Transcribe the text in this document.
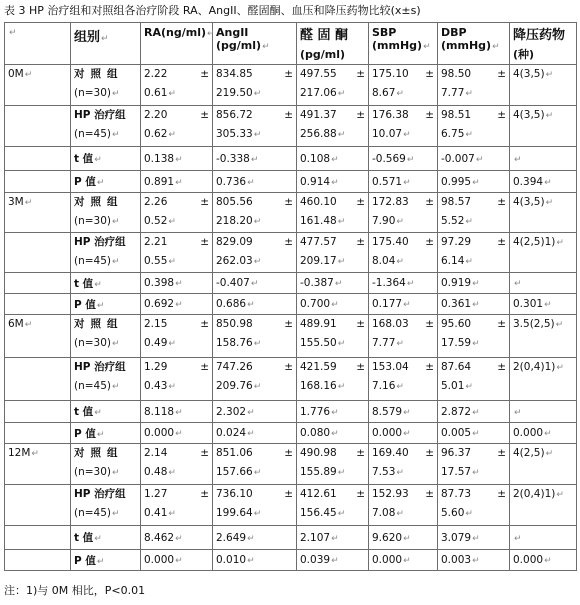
表 3 HP 治疗组和对照组各治疗阶段 RA、AngII、醛固酮、血压和降压药物比较(x±s)
↵	组别↵	RA(ng/ml)↵	AngII (pg/ml)↵	醛 固 酮
(pg/ml)	SBP (mmHg)↵	DBP (mmHg)↵	降压药物
(种)

0M↵	对照组
(n=30)↵	2.22 ±
0.61↵	834.85 ±
219.50↵	497.55 ±
217.06↵	175.10 ±
8.67↵	98.50 ±
7.77↵	4(3,5)↵

	HP 治疗组
(n=45)↵	2.20 ±
0.62↵	856.72 ±
305.33↵	491.37 ±
256.88↵	176.38 ±
10.07↵	98.51 ±
6.75↵	4(3,5)↵

	t 值↵	0.138↵	-0.338↵	0.108↵	-0.569↵	-0.007↵	↵
	P 值↵	0.891↵	0.736↵	0.914↵	0.571↵	0.995↵	0.394↵

3M↵	对照组
(n=30)↵	2.26 ±
0.52↵	805.56 ±
218.20↵	460.10 ±
161.48↵	172.83 ±
7.90↵	98.57 ±
5.52↵	4(3,5)↵

	HP 治疗组
(n=45)↵	2.21 ±
0.55↵	829.09 ±
262.03↵	477.57 ±
209.17↵	175.40 ±
8.04↵	97.29 ±
6.14↵	4(2,5)1)↵

	t 值↵	0.398↵	-0.407↵	-0.387↵	-1.364↵	0.919↵	↵
	P 值↵	0.692↵	0.686↵	0.700↵	0.177↵	0.361↵	0.301↵

6M↵	对照组
(n=30)↵	2.15 ±
0.49↵	850.98 ±
158.76↵	489.91 ±
155.50↵	168.03 ±
7.77↵	95.60 ±
17.59↵	3.5(2,5)↵

	HP 治疗组
(n=45)↵	1.29 ±
0.43↵	747.26 ±
209.76↵	421.59 ±
168.16↵	153.04 ±
7.16↵	87.64 ±
5.01↵	2(0,4)1)↵

	t 值↵	8.118↵	2.302↵	1.776↵	8.579↵	2.872↵	↵
	P 值↵	0.000↵	0.024↵	0.080↵	0.000↵	0.005↵	0.000↵

12M↵	对照组
(n=30)↵	2.14 ±
0.48↵	851.06 ±
157.66↵	490.98 ±
155.89↵	169.40 ±
7.53↵	96.37 ±
17.57↵	4(2,5)↵

	HP 治疗组
(n=45)↵	1.27 ±
0.41↵	736.10 ±
199.64↵	412.61 ±
156.45↵	152.93 ±
7.08↵	87.73 ±
5.60↵	2(0,4)1)↵

	t 值↵	8.462↵	2.649↵	2.107↵	9.620↵	3.079↵	↵
	P 值↵	0.000↵	0.010↵	0.039↵	0.000↵	0.003↵	0.000↵
注：1)与 0M 相比，P<0.01
